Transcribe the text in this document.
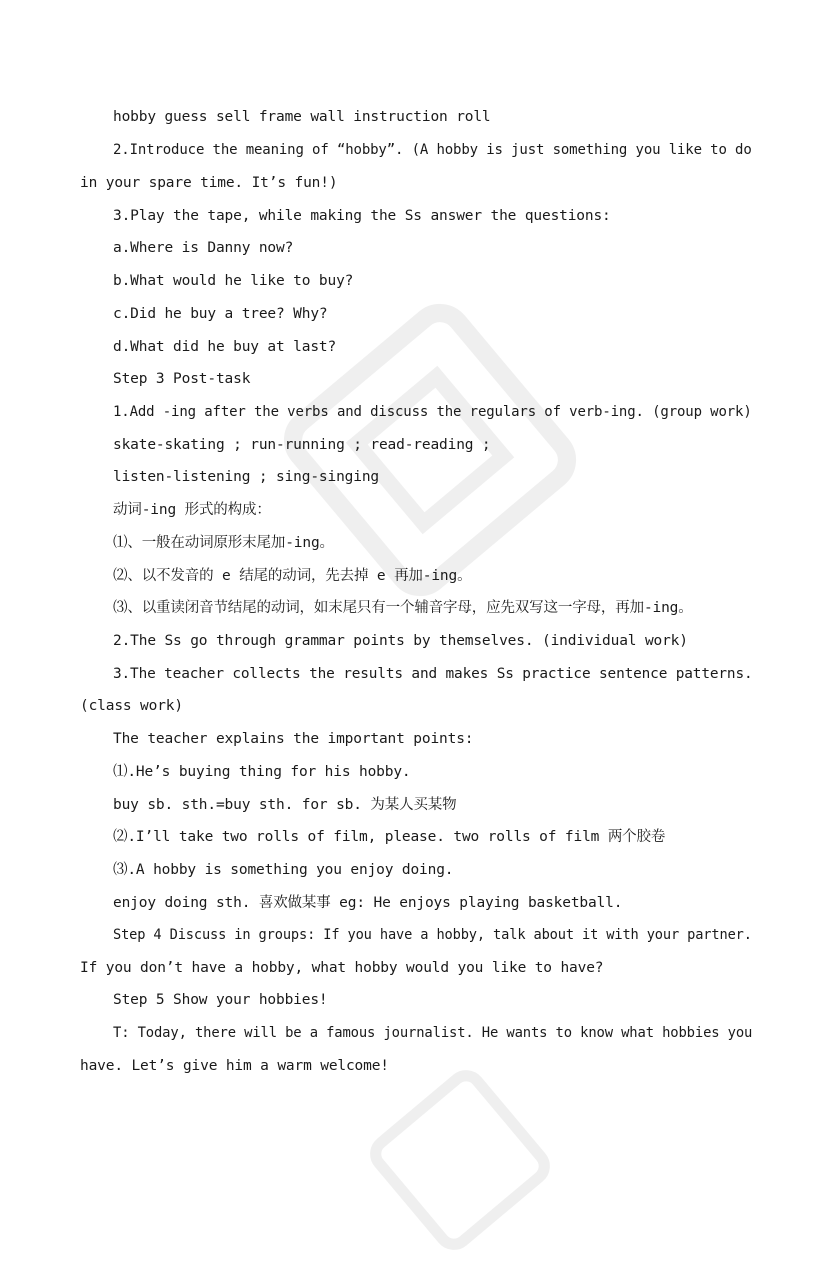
hobby guess sell frame wall instruction roll
2.Introduce the meaning of “hobby”. (A hobby is just something you like to do
in your spare time. It’s fun!)
3.Play the tape, while making the Ss answer the questions:
a.Where is Danny now?
b.What would he like to buy?
c.Did he buy a tree? Why?
d.What did he buy at last?
Step 3 Post-task
1.Add -ing after the verbs and discuss the regulars of verb-ing. (group work)
skate-skating ; run-running ; read-reading ;
listen-listening ; sing-singing
动词-ing 形式的构成：
⑴、一般在动词原形末尾加-ing。
⑵、以不发音的 e 结尾的动词，先去掉 e 再加-ing。
⑶、以重读闭音节结尾的动词，如末尾只有一个辅音字母，应先双写这一字母，再加-ing。
2.The Ss go through grammar points by themselves. (individual work)
3.The teacher collects the results and makes Ss practice sentence patterns.
(class work)
The teacher explains the important points:
⑴.He’s buying thing for his hobby.
buy sb. sth.=buy sth. for sb. 为某人买某物
⑵.I’ll take two rolls of film, please. two rolls of film 两个胶卷
⑶.A hobby is something you enjoy doing.
enjoy doing sth. 喜欢做某事 eg: He enjoys playing basketball.
Step 4 Discuss in groups: If you have a hobby, talk about it with your partner.
If you don’t have a hobby, what hobby would you like to have?
Step 5 Show your hobbies!
T: Today, there will be a famous journalist. He wants to know what hobbies you
have. Let’s give him a warm welcome!
